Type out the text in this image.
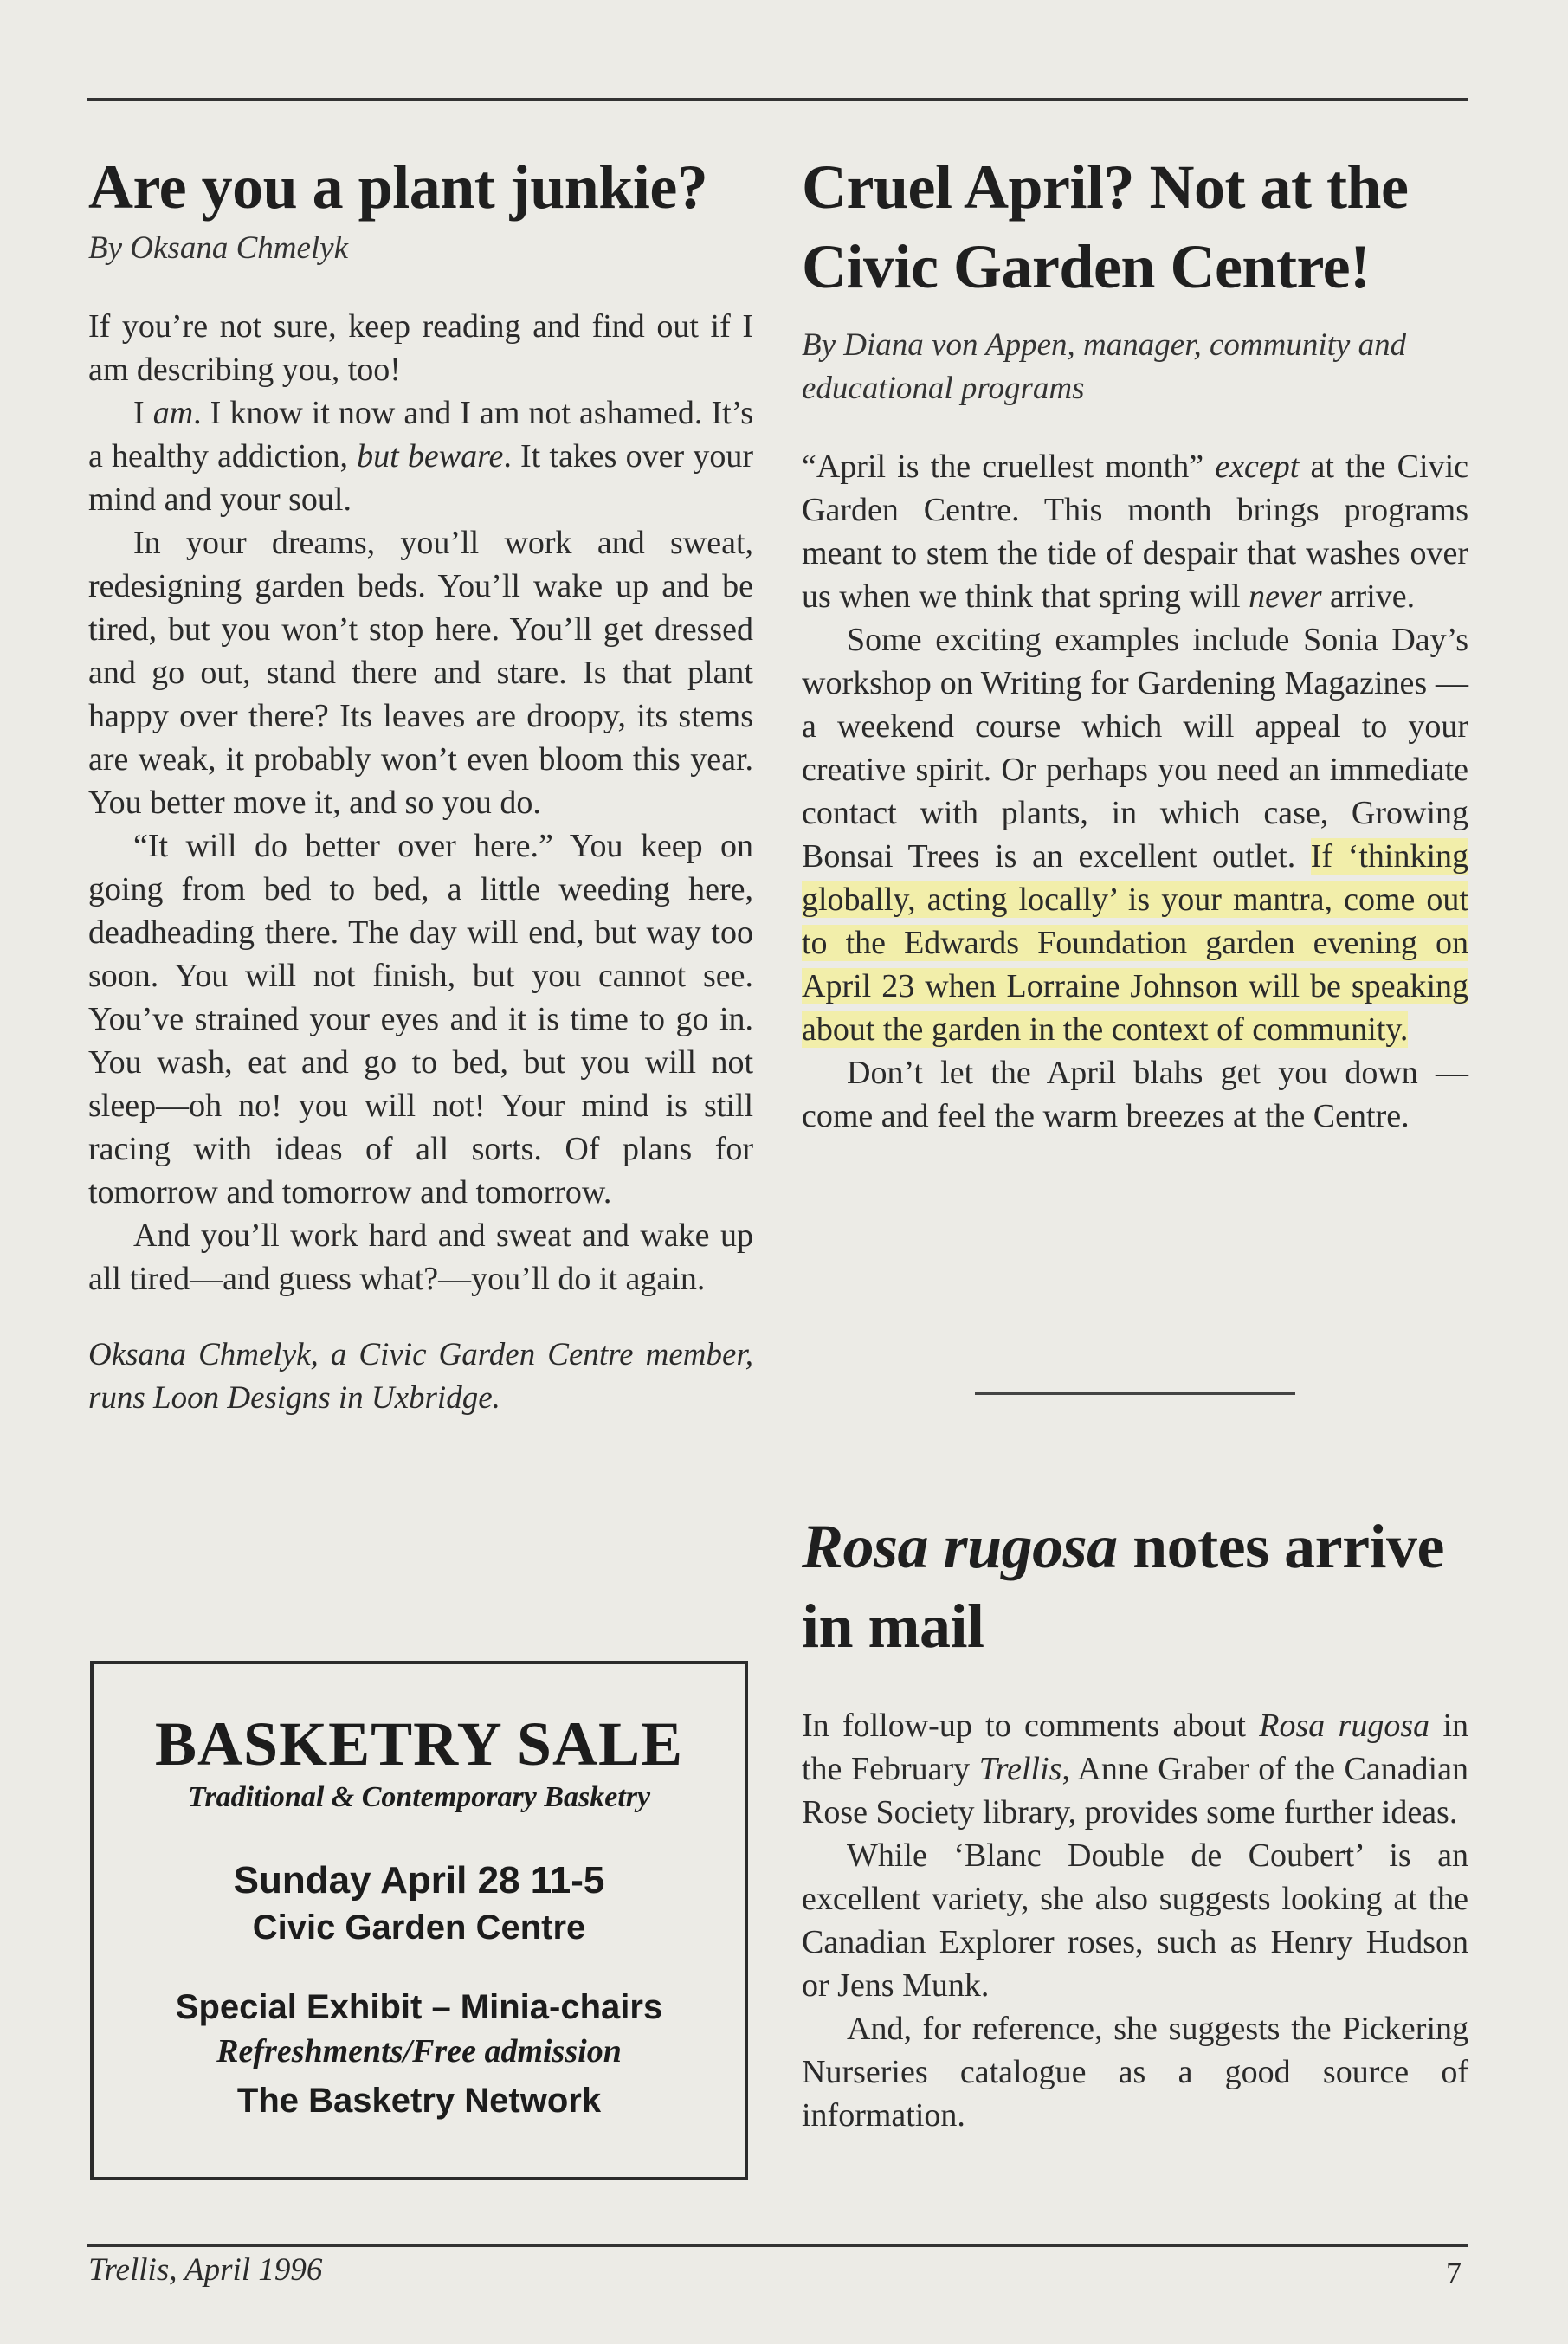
Are you a plant junkie?

By Oksana Chmelyk

If you’re not sure, keep reading and find out if I am describing you, too!

I am. I know it now and I am not ashamed. It’s a healthy addiction, but beware. It takes over your mind and your soul.

In your dreams, you’ll work and sweat, redesigning garden beds. You’ll wake up and be tired, but you won’t stop here. You’ll get dressed and go out, stand there and stare. Is that plant happy over there? Its leaves are droopy, its stems are weak, it probably won’t even bloom this year. You better move it, and so you do.

“It will do better over here.” You keep on going from bed to bed, a little weeding here, deadheading there. The day will end, but way too soon. You will not finish, but you cannot see. You’ve strained your eyes and it is time to go in. You wash, eat and go to bed, but you will not sleep—oh no! you will not! Your mind is still racing with ideas of all sorts. Of plans for tomorrow and tomorrow and tomorrow.

And you’ll work hard and sweat and wake up all tired—and guess what?—you’ll do it again.

Oksana Chmelyk, a Civic Garden Centre member, runs Loon Designs in Uxbridge.

BASKETRY SALE
Traditional & Contemporary Basketry
Sunday April 28 11-5
Civic Garden Centre
Special Exhibit – Minia-chairs
Refreshments/Free admission
The Basketry Network
Cruel April? Not at the
Civic Garden Centre!

By Diana von Appen, manager, community and educational programs

“April is the cruellest month” except at the Civic Garden Centre. This month brings programs meant to stem the tide of despair that washes over us when we think that spring will never arrive.

Some exciting examples include Sonia Day’s workshop on Writing for Gardening Magazines — a weekend course which will appeal to your creative spirit. Or perhaps you need an immediate contact with plants, in which case, Growing Bonsai Trees is an excellent outlet. If ‘thinking globally, acting locally’ is your mantra, come out to the Edwards Foundation garden evening on April 23 when Lorraine Johnson will be speaking about the garden in the context of community.

Don’t let the April blahs get you down — come and feel the warm breezes at the Centre.

Rosa rugosa notes arrive in mail

In follow-up to comments about Rosa rugosa in the February Trellis, Anne Graber of the Canadian Rose Society library, provides some further ideas.

While ‘Blanc Double de Coubert’ is an excellent variety, she also suggests looking at the Canadian Explorer roses, such as Henry Hudson or Jens Munk.

And, for reference, she suggests the Pickering Nurseries catalogue as a good source of information.

Trellis, April 1996	7
